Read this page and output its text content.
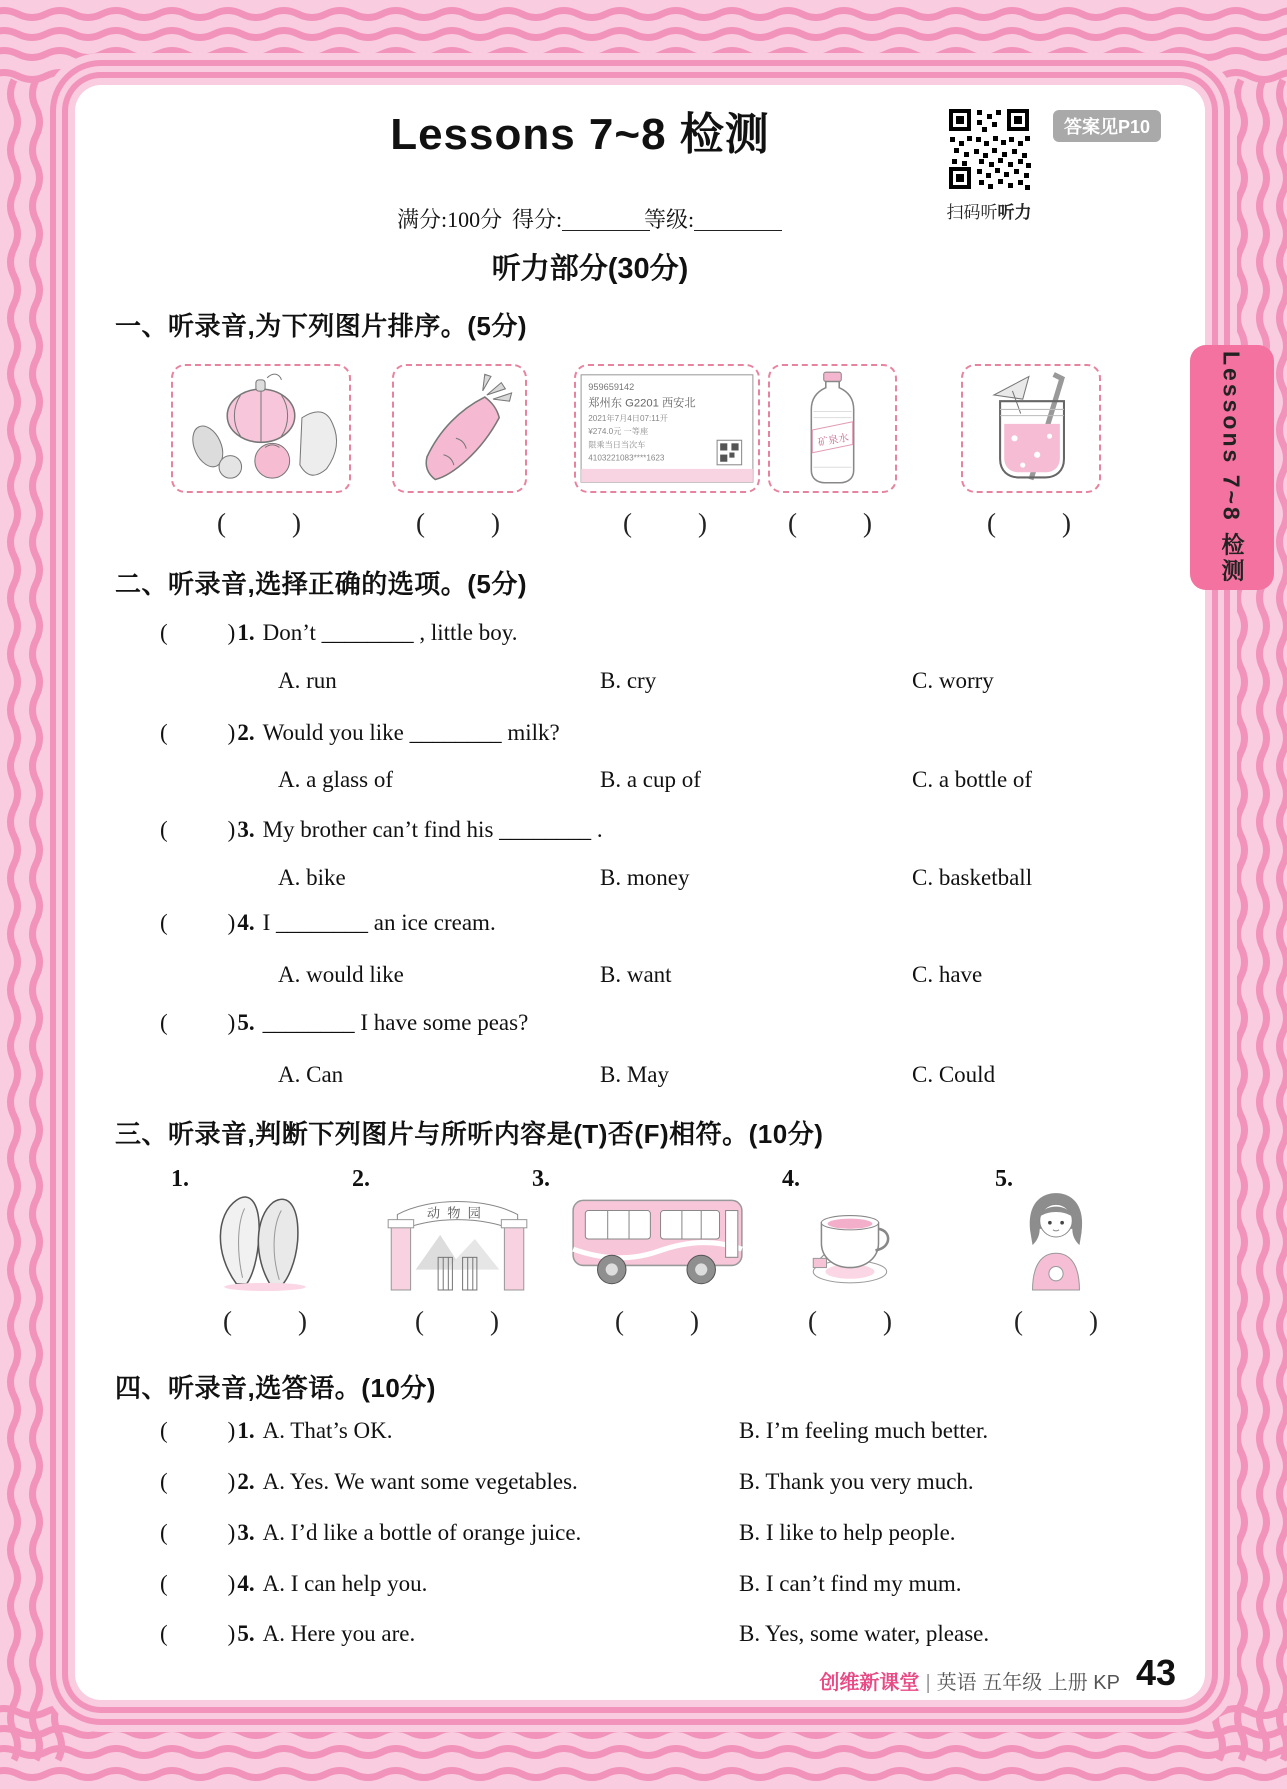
Lessons 7~8 检测
Lessons 7~8 检测
扫码听听力
答案见P10
满分:100分 得分:	等级:
听力部分(30分)
一、听录音,为下列图片排序。(5分)
959659142
郑州东 G2201 西安北
2021年7月4日07:11开
¥274.0元 一等座
限乘当日当次车
4103221083****1623
矿泉水
( )	( )	( )	( )	( )
二、听录音,选择正确的选项。(5分)
(	)1. Don’t ________ , little boy.
A. run	B. cry	C. worry
(	)2. Would you like ________ milk?
A. a glass of	B. a cup of	C. a bottle of
(	)3. My brother can’t find his ________ .
A. bike	B. money	C. basketball
(	)4. I ________ an ice cream.
A. would like	B. want	C. have
(	)5. ________ I have some peas?
A. Can	B. May	C. Could
三、听录音,判断下列图片与所听内容是(T)否(F)相符。(10分)
1.	2.
动物园
3.	4.	5.
( )	( )	( )	( )	( )
四、听录音,选答语。(10分)
(	)1. A. That’s OK.	B. I’m feeling much better.
(	)2. A. Yes. We want some vegetables.	B. Thank you very much.
(	)3. A. I’d like a bottle of orange juice.	B. I like to help people.
(	)4. A. I can help you.	B. I can’t find my mum.
(	)5. A. Here you are.	B. Yes, some water, please.
创维新课堂 | 英语 五年级 上册 KP 43
